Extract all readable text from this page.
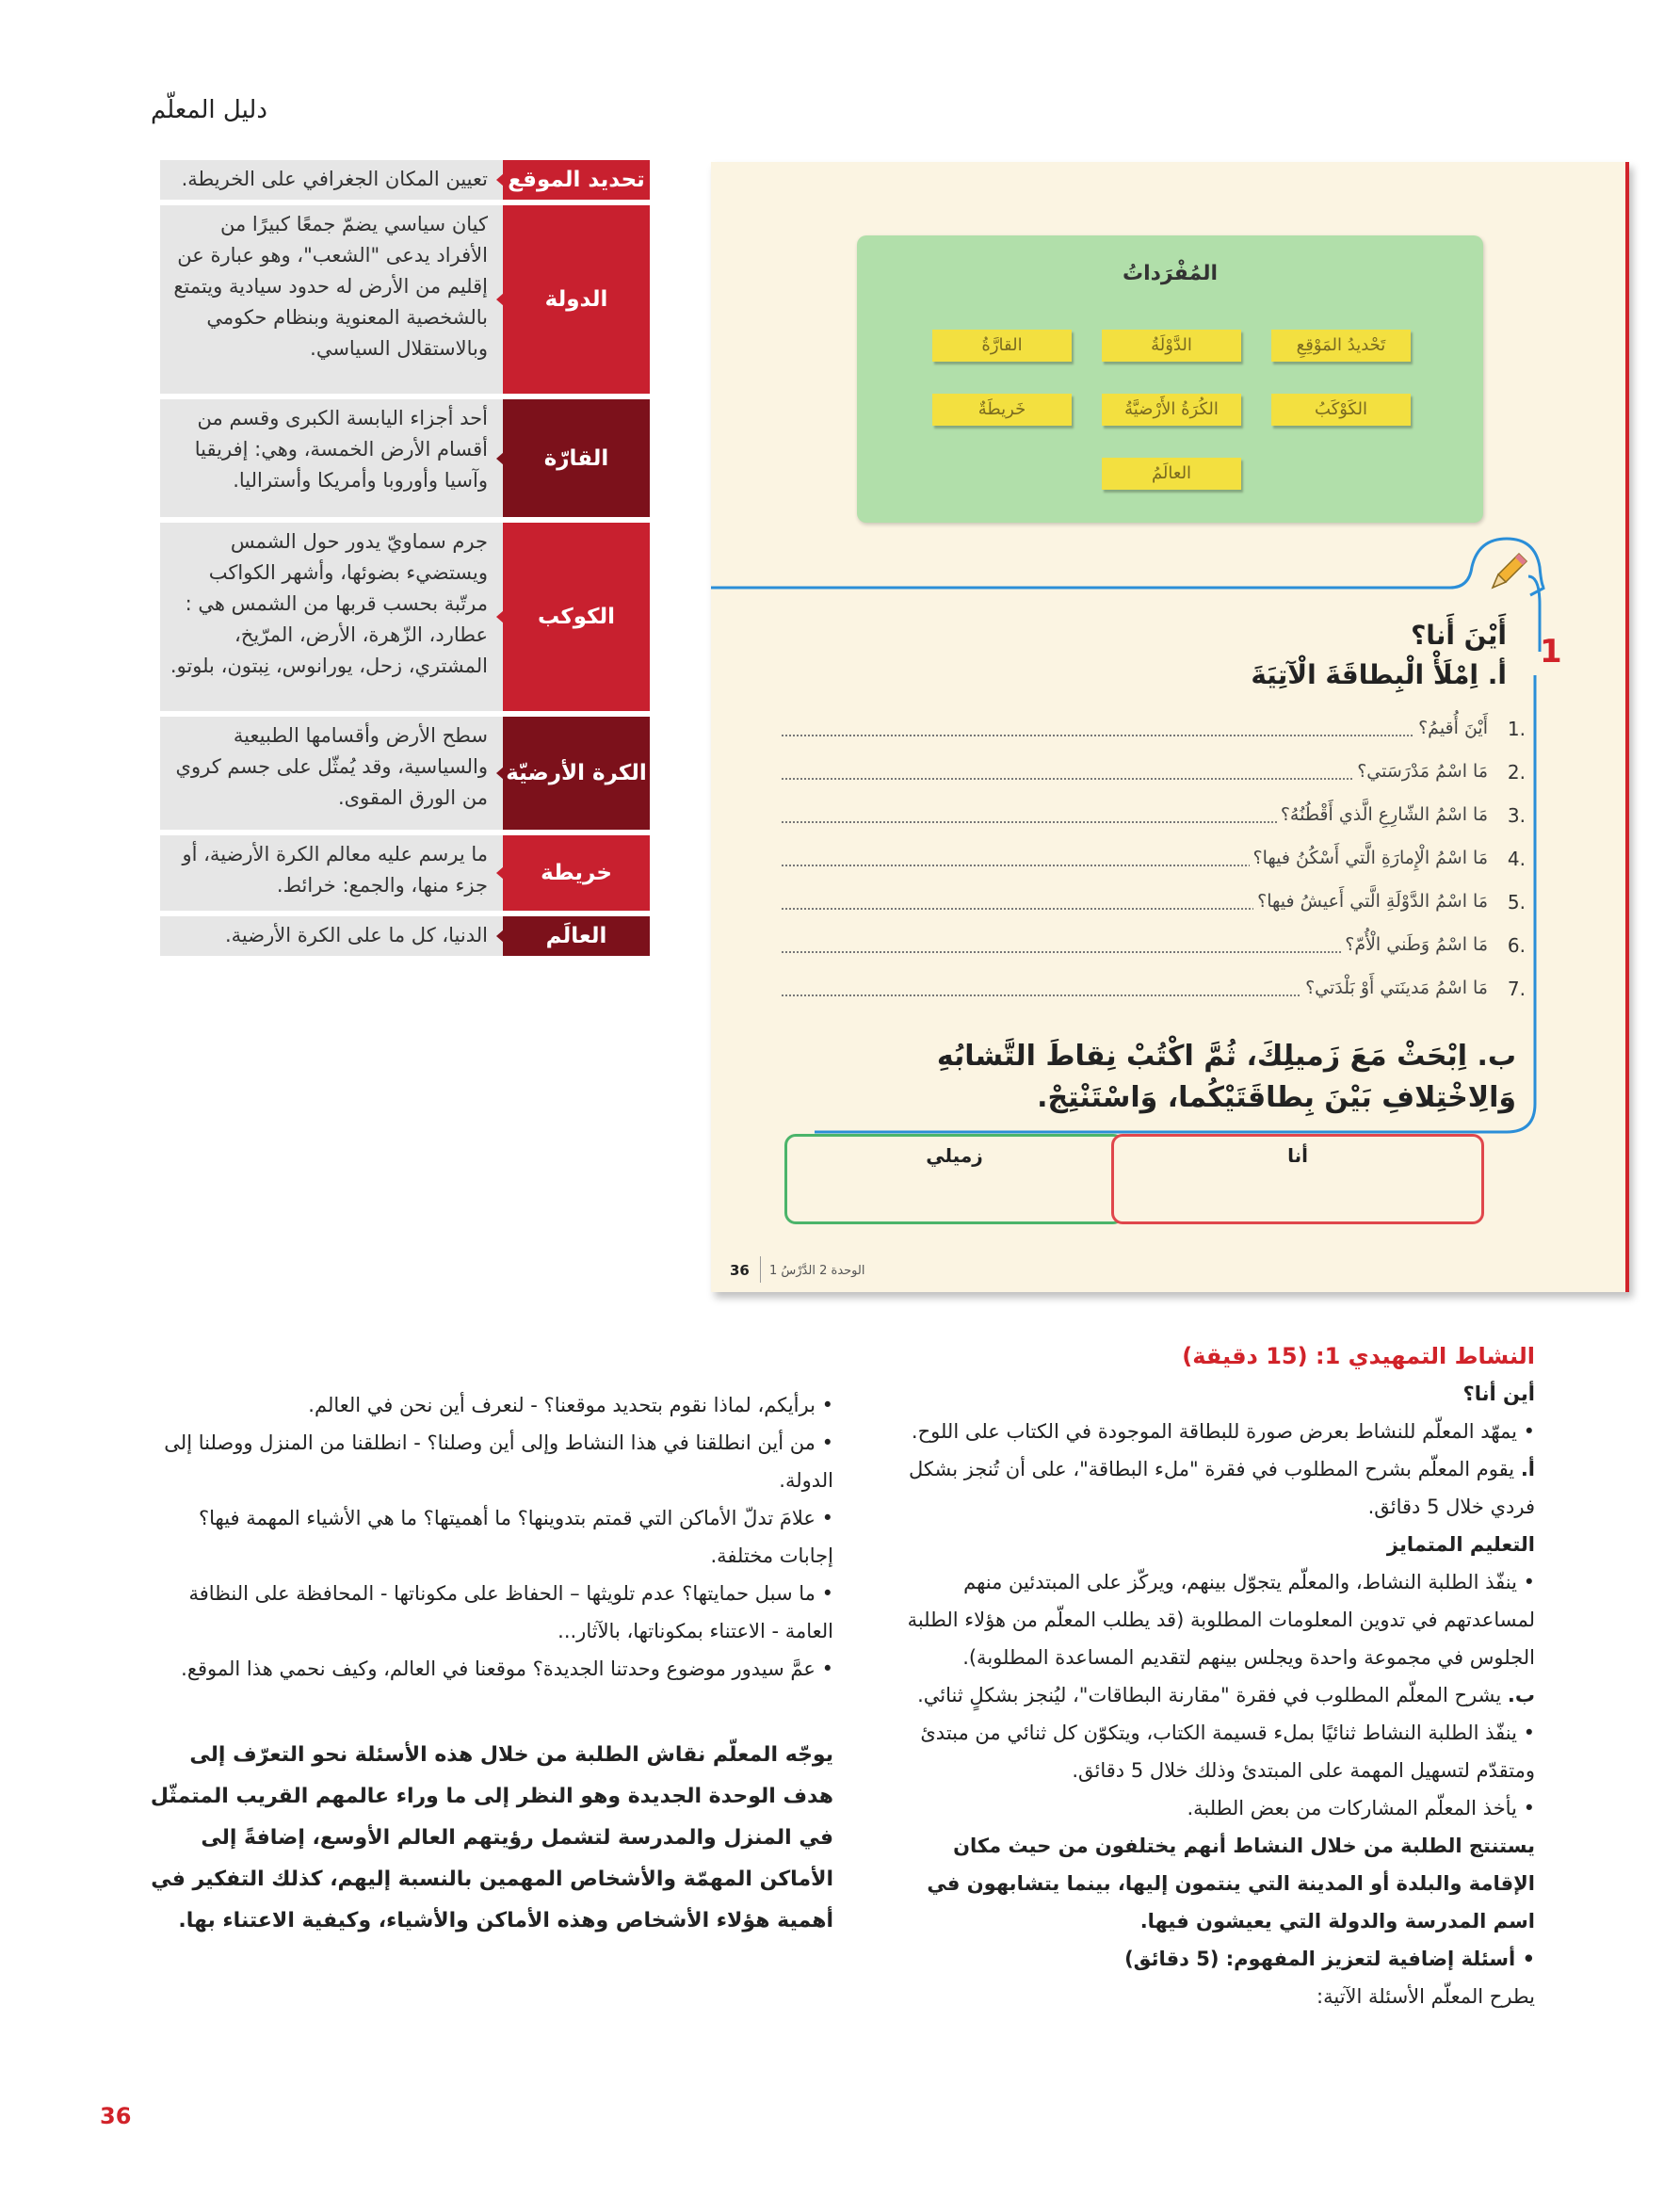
دليل المعلّم
تحديد الموقع
تعيين المكان الجغرافي على الخريطة.
الدولة
كيان سياسي يضمّ جمعًا كبيرًا من الأفراد يدعى "الشعب"، وهو عبارة عن إقليم من الأرض له حدود سيادية ويتمتع بالشخصية المعنوية وبنظام حكومي وبالاستقلال السياسي.
القارّة
أحد أجزاء اليابسة الكبرى وقسم من أقسام الأرض الخمسة، وهي: إفريقيا وآسيا وأوروبا وأمريكا وأستراليا.
الكوكب
جرم سماويّ يدور حول الشمس ويستضيء بضوئها، وأشهر الكواكب مرتّبة بحسب قربها من الشمس هي : عطارد، الزّهرة، الأرض، المرّيخ، المشتري، زحل، يورانوس، نِبتون، بلوتو.
الكرة الأرضيّة
سطح الأرض وأقسامها الطبيعية والسياسية، وقد يُمثّل على جسم كروي من الورق المقوى.
خريطة
ما يرسم عليه معالم الكرة الأرضية، أو جزء منها، والجمع: خرائط.
العالَم
الدنيا، كل ما على الكرة الأرضية.
المُفْرَداتُ
تَحْديدُ المَوْقِعِ
الدَّوْلَةُ
القارَّةُ
الكَوْكَبُ
الكُرَةُ الأَرْضيَّةُ
خَريطَةٌ
العالَمُ
1
أَيْنَ أَنا؟
أ. اِمْلَأْ الْبِطاقَةَ الْآتِيَةَ
أَيْنَ أُقيمُ؟ 1.
مَا اسْمُ مَدْرَسَتي؟ 2.
مَا اسْمُ الشّارِعِ الَّذي أَقْطُنُهُ؟ 3.
مَا اسْمُ الْإِمارَةِ الَّتي أَسْكُنُ فيها؟ 4.
مَا اسْمُ الدَّوْلَةِ الَّتي أَعيشُ فيها؟ 5.
مَا اسْمُ وَطَني الْأُمّ؟ 6.
مَا اسْمُ مَدينَتي أَوْ بَلْدَتي؟ 7.
ب. اِبْحَثْ مَعَ زَميلِكَ، ثُمَّ اكْتُبْ نِقاطَ التَّشابُهِ وَالِاخْتِلافِ بَيْنَ بِطاقَتَيْكُما، وَاسْتَنْتِجْ.
زميلي	أنا
36 الوحدة 2 الدَّرْسُ 1

النشاط التمهيدي 1: (15 دقيقة)

أين أنا؟

• يمهّد المعلّم للنشاط بعرض صورة للبطاقة الموجودة في الكتاب على اللوح.

أ. يقوم المعلّم بشرح المطلوب في فقرة "ملء البطاقة"، على أن تُنجز بشكل فردي خلال 5 دقائق.

التعليم المتمايز

• ينفّذ الطلبة النشاط، والمعلّم يتجوّل بينهم، ويركّز على المبتدئين منهم لمساعدتهم في تدوين المعلومات المطلوبة (قد يطلب المعلّم من هؤلاء الطلبة الجلوس في مجموعة واحدة ويجلس بينهم لتقديم المساعدة المطلوبة).

ب. يشرح المعلّم المطلوب في فقرة "مقارنة البطاقات"، ليُنجز بشكلٍ ثنائي.

• ينفّذ الطلبة النشاط ثنائيًا بملء قسيمة الكتاب، ويتكوّن كل ثنائي من مبتدئ ومتقدّم لتسهيل المهمة على المبتدئ وذلك خلال 5 دقائق.

• يأخذ المعلّم المشاركات من بعض الطلبة.

يستنتج الطلبة من خلال النشاط أنهم يختلفون من حيث مكان الإقامة والبلدة أو المدينة التي ينتمون إليها، بينما يتشابهون في اسم المدرسة والدولة التي يعيشون فيها.

• أسئلة إضافية لتعزيز المفهوم: (5 دقائق)

يطرح المعلّم الأسئلة الآتية:

• برأيكم، لماذا نقوم بتحديد موقعنا؟ - لنعرف أين نحن في العالم.

• من أين انطلقنا في هذا النشاط وإلى أين وصلنا؟ - انطلقنا من المنزل ووصلنا إلى الدولة.

• علامَ تدلّ الأماكن التي قمتم بتدوينها؟ ما أهميتها؟ ما هي الأشياء المهمة فيها؟ إجابات مختلفة.

• ما سبل حمايتها؟ عدم تلويثها – الحفاظ على مكوناتها - المحافظة على النظافة العامة - الاعتناء بمكوناتها، بالآثار...

• عمَّ سيدور موضوع وحدتنا الجديدة؟ موقعنا في العالم، وكيف نحمي هذا الموقع.

يوجّه المعلّم نقاش الطلبة من خلال هذه الأسئلة نحو التعرّف إلى هدف الوحدة الجديدة وهو النظر إلى ما وراء عالمهم القريب المتمثّل في المنزل والمدرسة لتشمل رؤيتهم العالم الأوسع، إضافةً إلى الأماكن المهمّة والأشخاص المهمين بالنسبة إليهم، كذلك التفكير في أهمية هؤلاء الأشخاص وهذه الأماكن والأشياء، وكيفية الاعتناء بها.

36
